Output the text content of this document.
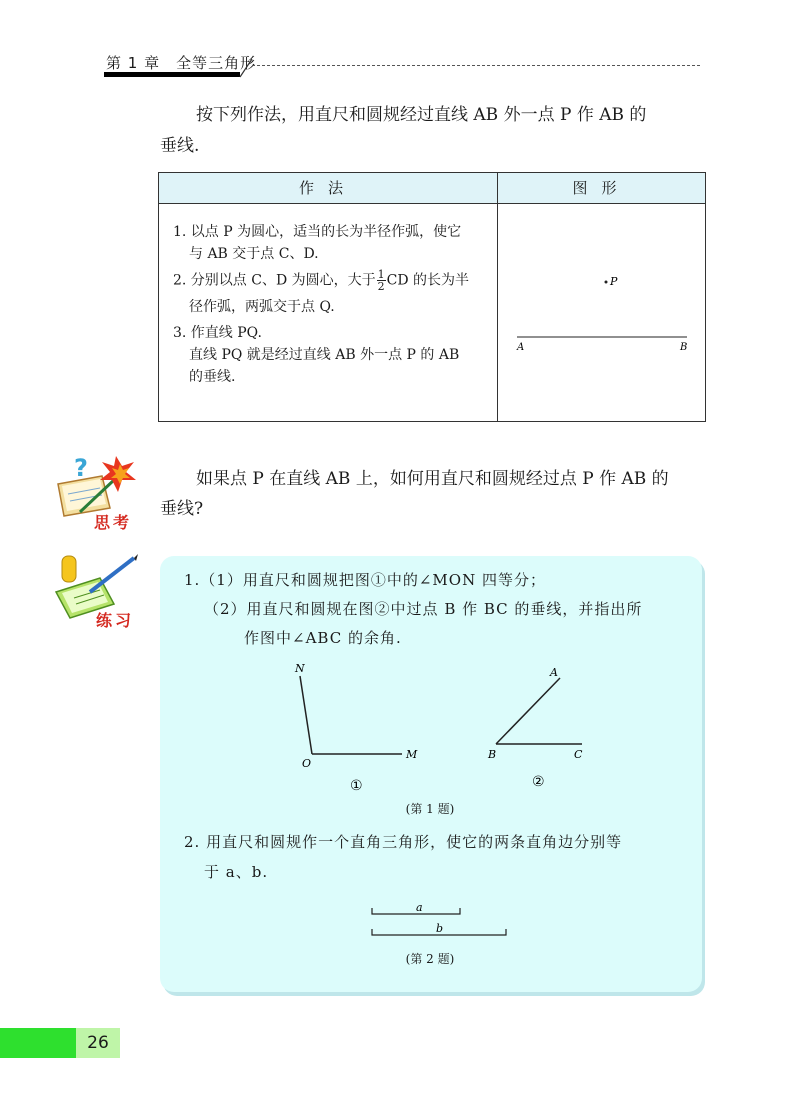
第 1 章　全等三角形
按下列作法，用直尺和圆规经过直线 AB 外一点 P 作 AB 的
垂线.
作法	图形
1. 以点 P 为圆心，适当的长为半径作弧，使它
与 AB 交于点 C、D.
2. 分别以点 C、D 为圆心，大于 $\frac{1}{2}$ CD 的长为半
径作弧，两弧交于点 Q.
3. 作直线 PQ.
直线 PQ 就是经过直线 AB 外一点 P 的 AB
的垂线.
P
A	B
?
思考
如果点 P 在直线 AB 上，如何用直尺和圆规经过点 P 作 AB 的
垂线?
练习
1.（1）用直尺和圆规把图①中的∠MON 四等分；
（2）用直尺和圆规在图②中过点 B 作 BC 的垂线，并指出所
作图中∠ABC 的余角.
N
O
M
①
A
B	C
②
(第 1 题)
2. 用直尺和圆规作一个直角三角形，使它的两条直角边分别等
于 a、b.
a
b
(第 2 题)
26
